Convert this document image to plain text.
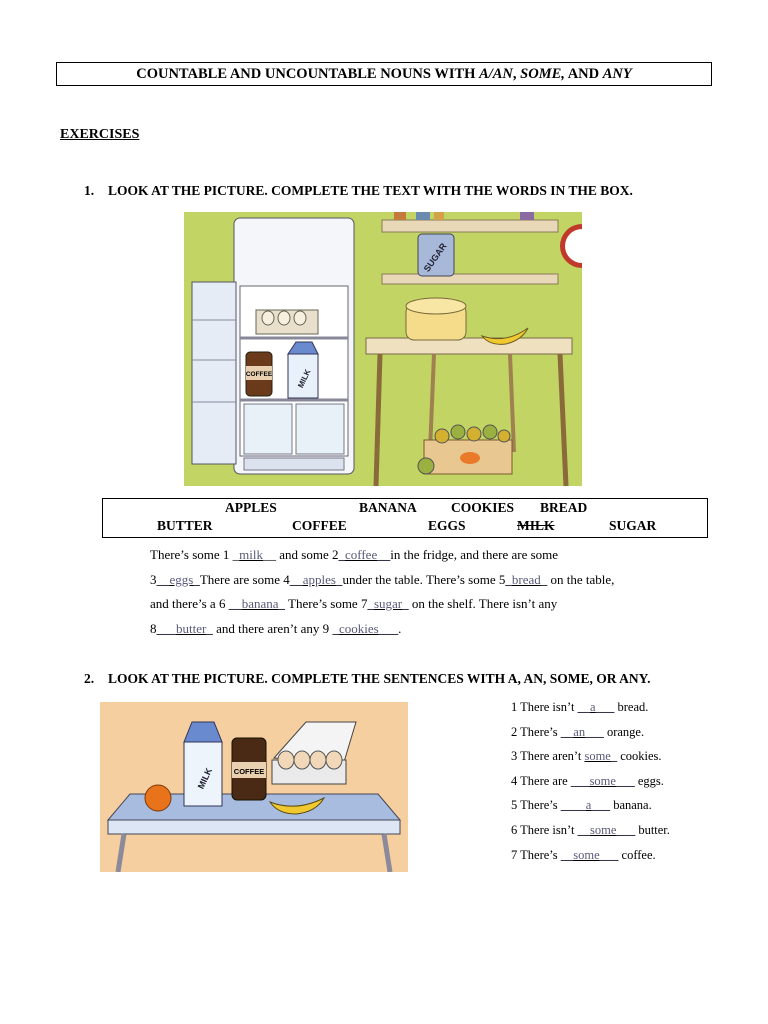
COUNTABLE AND UNCOUNTABLE NOUNS WITH A/AN, SOME, AND ANY
EXERCISES
1. LOOK AT THE PICTURE. COMPLETE THE TEXT WITH THE WORDS IN THE BOX.
SUGAR
COFFEE	MILK
APPLES	BANANA	COOKIES BREAD
BUTTER	COFFEE	EGGS	MILK	SUGAR
There’s some 1 _milk__ and some 2_coffee__in the fridge, and there are some
3__eggs_There are some 4__apples_under the table. There’s some 5_bread_ on the table,
and there’s a 6 __banana_ There’s some 7_sugar_ on the shelf. There isn’t any
8___butter_ and there aren’t any 9 _cookies___.
2. LOOK AT THE PICTURE. COMPLETE THE SENTENCES WITH A, AN, SOME, OR ANY.
MILK	COFFEE
1 There isn’t __a___ bread.
2 There’s __an___ orange.
3 There aren’t some_ cookies.
4 There are ___some___ eggs.
5 There’s ____a___ banana.
6 There isn’t __some___ butter.
7 There’s __some___ coffee.
